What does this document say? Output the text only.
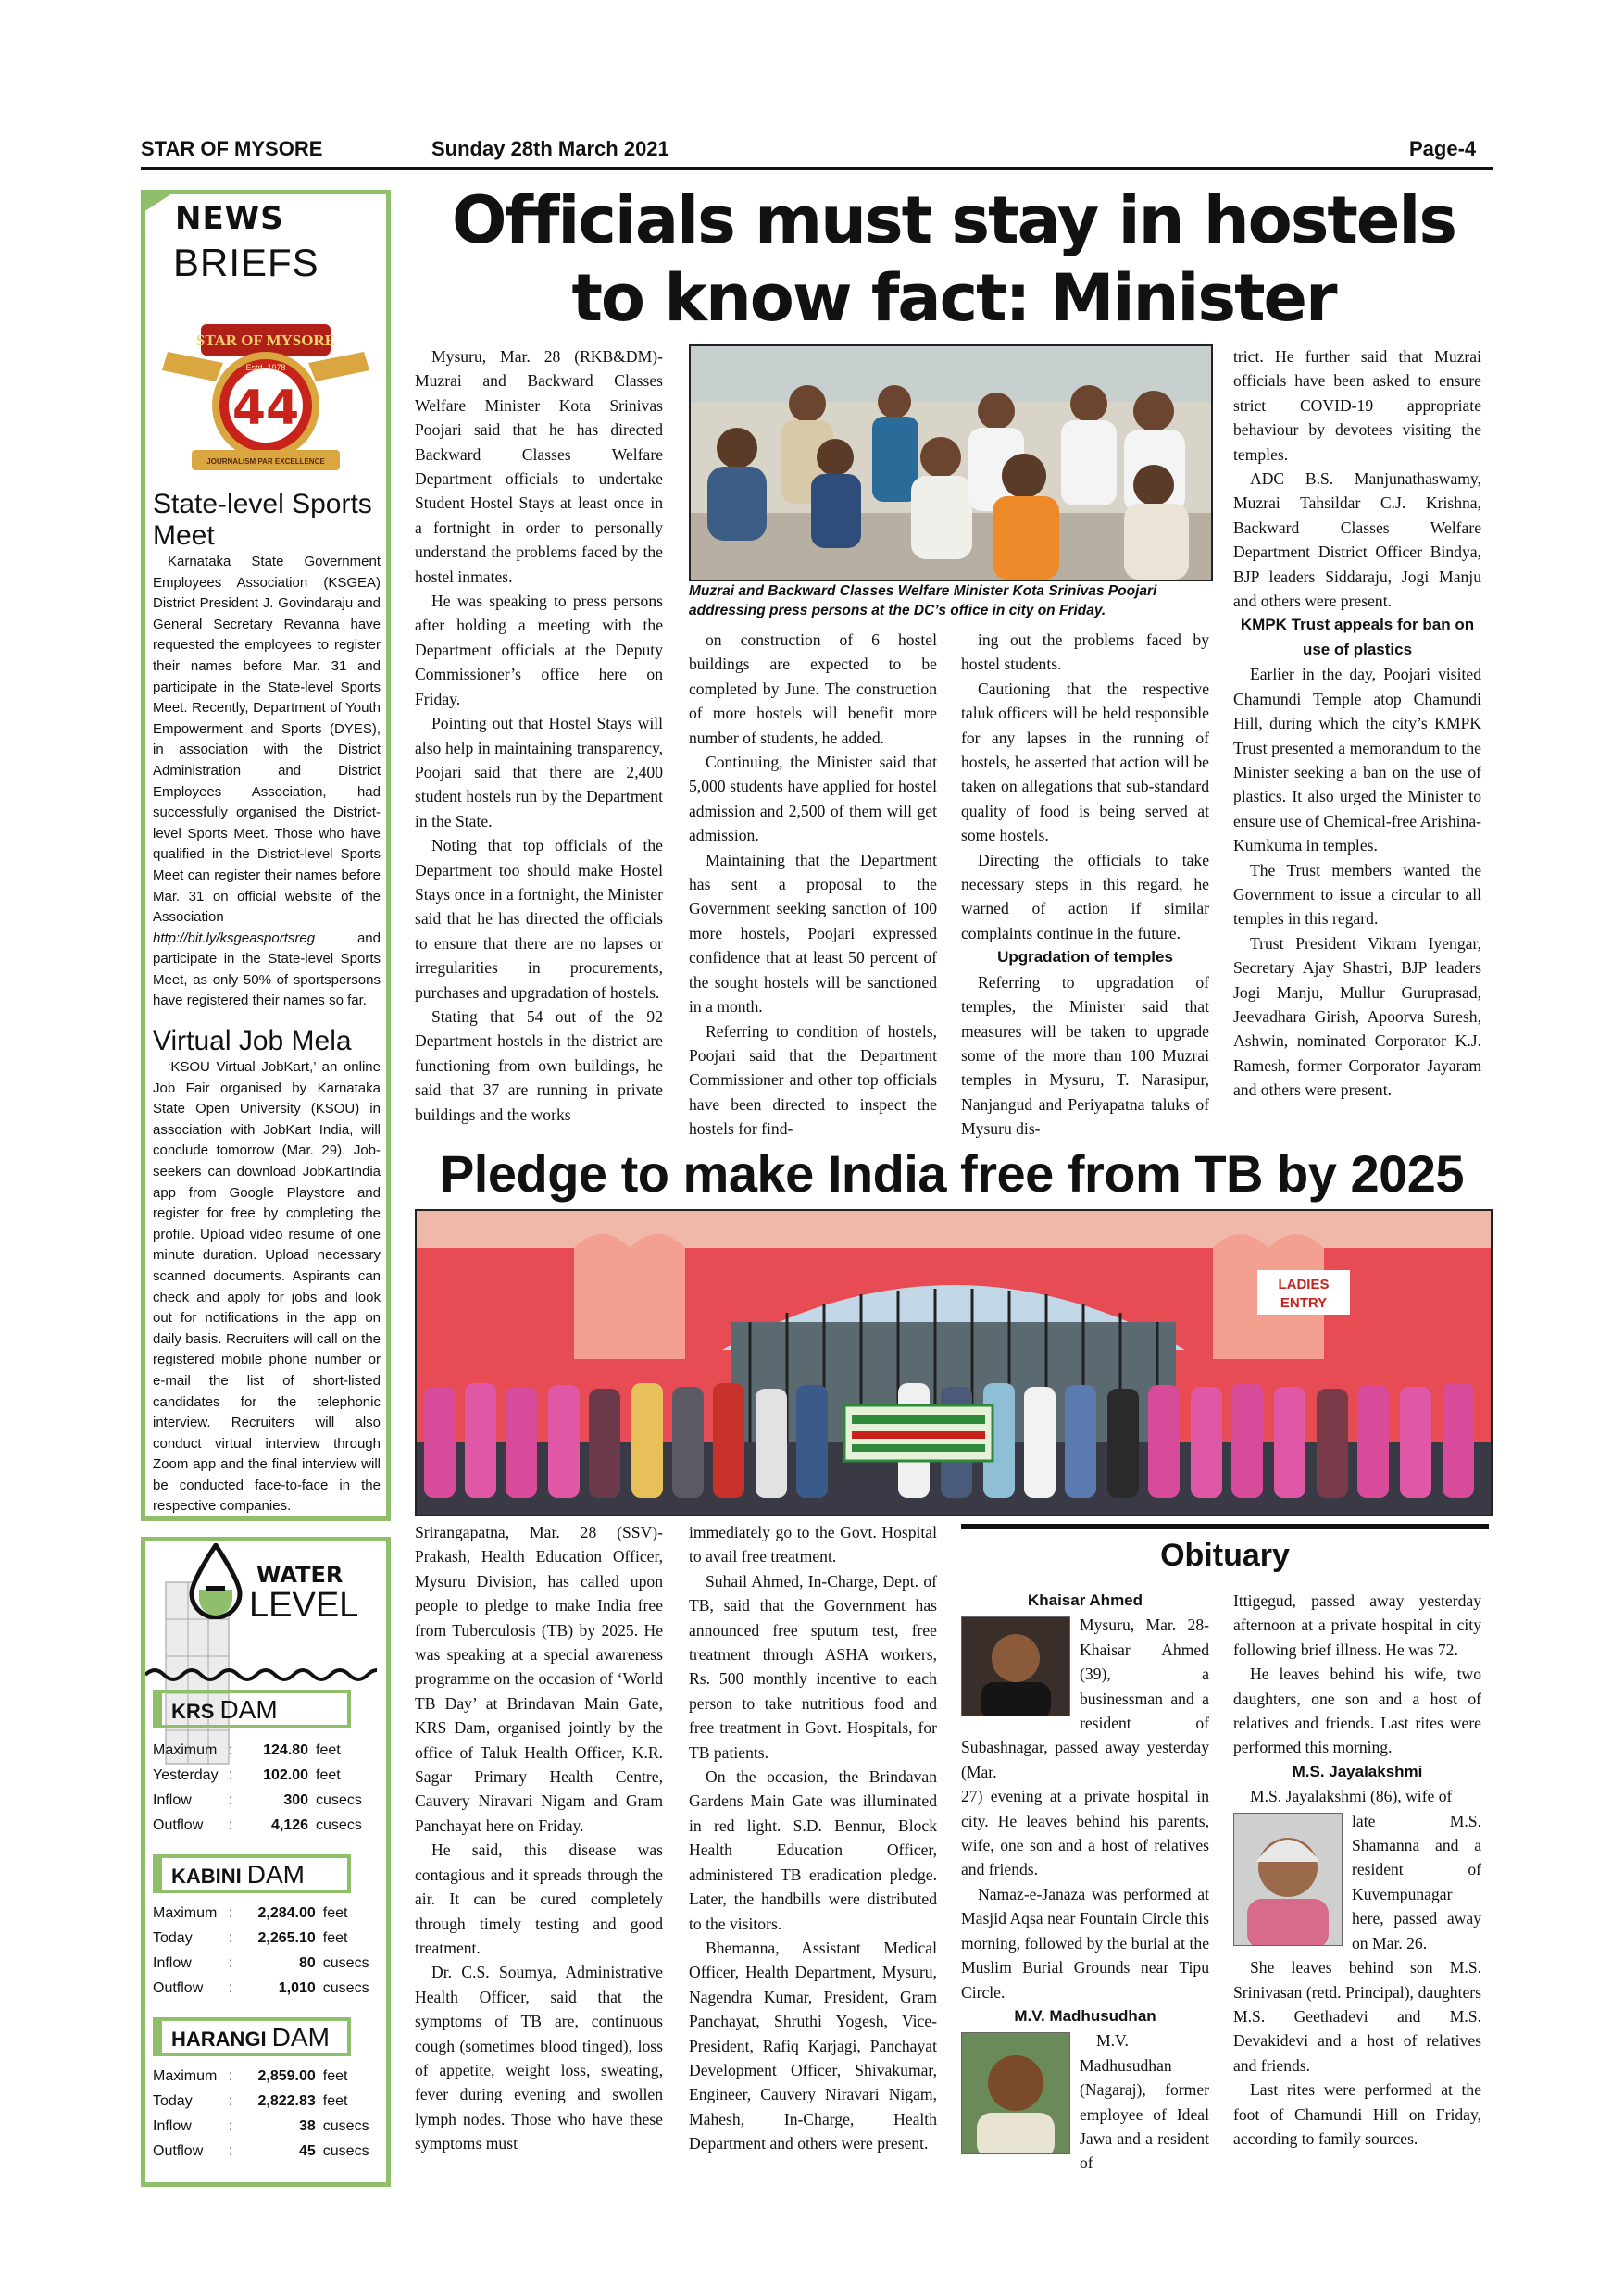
STAR OF MYSORE	Sunday 28th March 2021	Page-4
NEWS
BRIEFS
STAR OF MYSORE
Estd. 1978
44
JOURNALISM PAR EXCELLENCE
State-level Sports Meet

Karnataka State Government Employees Association (KSGEA) District President J. Govindaraju and General Secretary Revanna have requested the employees to register their names before Mar. 31 and participate in the State-level Sports Meet. Recently, Department of Youth Empowerment and Sports (DYES), in association with the District Administration and District Employees Association, had successfully organised the District-level Sports Meet. Those who have qualified in the District-level Sports Meet can register their names before Mar. 31 on official website of the Association http://bit.ly/ksgeasportsreg	and participate in the State-level Sports Meet, as only 50% of sportspersons have registered their names so far.

Virtual Job Mela

‘KSOU Virtual JobKart,’ an online Job Fair organised by Karnataka State Open University (KSOU) in association with JobKart India, will conclude tomorrow (Mar. 29). Job-seekers can download JobKartIndia app from Google Playstore and register for free by completing the profile. Upload video resume of one minute duration. Upload necessary scanned documents. Aspirants can check and apply for jobs and look out for notifications in the app on daily basis. Recruiters will call on the registered mobile phone number or e-mail the list of short-listed candidates for the telephonic interview. Recruiters will also conduct virtual interview through Zoom app and the final interview will be conducted face-to-face in the respective companies.

WATER
LEVEL
KRS DAM
Maximum	:	124.80	feet
Yesterday	:	102.00	feet
Inflow	:	300	cusecs
Outflow	:	4,126	cusecs
KABINI DAM
Maximum	:	2,284.00	feet
Today	:	2,265.10	feet
Inflow	:	80	cusecs
Outflow	:	1,010	cusecs
HARANGI DAM
Maximum	:	2,859.00	feet
Today	:	2,822.83	feet
Inflow	:	38	cusecs
Outflow	:	45	cusecs
Officials must stay in hostels
to know fact: Minister

Mysuru, Mar. 28 (RKB&DM)- Muzrai and Backward Classes Welfare Minister Kota Srinivas Poojari said that he has directed Backward Classes Welfare Department officials to undertake Student Hostel Stays at least once in a fortnight in order to personally understand the problems faced by the hostel inmates.

He was speaking to press persons after holding a meeting with the Department officials at the Deputy Commissioner’s office here on Friday.

Pointing out that Hostel Stays will also help in maintaining transparency, Poojari said that there are 2,400 student hostels run by the Department in the State.

Noting that top officials of the Department too should make Hostel Stays once in a fortnight, the Minister said that he has directed the officials to ensure that there are no lapses or irregularities in procurements, purchases and upgradation of hostels.

Stating that 54 out of the 92 Department hostels in the district are functioning from own buildings, he said that 37 are running in private buildings and the works

Muzrai and Backward Classes Welfare Minister Kota Srinivas Poojari addressing press persons at the DC’s office in city on Friday.

on construction of 6 hostel buildings are expected to be completed by June. The construction of more hostels will benefit more number of students, he added.

Continuing, the Minister said that 5,000 students have applied for hostel admission and 2,500 of them will get admission.

Maintaining that the Department has sent a proposal to the Government seeking sanction of 100 more hostels, Poojari expressed confidence that at least 50 percent of the sought hostels will be sanctioned in a month.

Referring to condition of hostels, Poojari said that the Department Commissioner and other top officials have been directed to inspect the hostels for find-

ing out the problems faced by hostel students.

Cautioning that the respective taluk officers will be held responsible for any lapses in the running of hostels, he asserted that action will be taken on allegations that sub-standard quality of food is being served at some hostels.

Directing the officials to take necessary steps in this regard, he warned of action if similar complaints continue in the future.

Upgradation of temples

Referring to upgradation of temples, the Minister said that measures will be taken to upgrade some of the more than 100 Muzrai temples in Mysuru, T. Narasipur, Nanjangud and Periyapatna taluks of Mysuru dis-

trict. He further said that Muzrai officials have been asked to ensure strict COVID-19 appropriate behaviour by devotees visiting the temples.

ADC B.S. Manjunathaswamy, Muzrai Tahsildar C.J. Krishna, Backward Classes Welfare Department District Officer Bindya, BJP leaders Siddaraju, Jogi Manju and others were present.

KMPK Trust appeals for ban on use of plastics

Earlier in the day, Poojari visited Chamundi Temple atop Chamundi Hill, during which the city’s KMPK Trust presented a memorandum to the Minister seeking a ban on the use of plastics. It also urged the Minister to ensure use of Chemical-free Arishina-Kumkuma in temples.

The Trust members wanted the Government to issue a circular to all temples in this regard.

Trust President Vikram Iyengar, Secretary Ajay Shastri, BJP leaders Jogi Manju, Mullur Guruprasad, Jeevadhara Girish, Apoorva Suresh, Ashwin, nominated Corporator K.J. Ramesh, former Corporator Jayaram and others were present.

Pledge to make India free from TB by 2025
LADIES
ENTRY

Srirangapatna, Mar. 28 (SSV)- Prakash, Health Education Officer, Mysuru Division, has called upon people to pledge to make India free from Tuberculosis (TB) by 2025. He was speaking at a special awareness programme on the occasion of ‘World TB Day’ at Brindavan Main Gate, KRS Dam, organised jointly by the office of Taluk Health Officer, K.R. Sagar Primary Health Centre, Cauvery Niravari Nigam and Gram Panchayat here on Friday.

He said, this disease was contagious and it spreads through the air. It can be cured completely through timely testing and good treatment.

Dr. C.S. Soumya, Administrative Health Officer, said that the symptoms of TB are, continuous cough (sometimes blood tinged), loss of appetite, weight loss, sweating, fever during evening and swollen lymph nodes. Those who have these symptoms must

immediately go to the Govt. Hospital to avail free treatment.

Suhail Ahmed, In-Charge, Dept. of TB, said that the Government has announced free sputum test, free treatment through ASHA workers, Rs. 500 monthly incentive to each person to take nutritious food and free treatment in Govt. Hospitals, for TB patients.

On the occasion, the Brindavan Gardens Main Gate was illuminated in red light. S.D. Bennur, Block Health Education Officer, administered TB eradication pledge. Later, the handbills were distributed to the visitors.

Bhemanna, Assistant Medical Officer, Health Department, Mysuru, Nagendra Kumar, President, Gram Panchayat, Shruthi Yogesh, Vice-President, Rafiq Karjagi, Panchayat Development Officer, Shivakumar, Engineer, Cauvery Niravari Nigam, Mahesh, In-Charge, Health Department and others were present.

Obituary

Khaisar Ahmed

Mysuru, Mar. 28- Khaisar Ahmed (39), a businessman and a resident of Subashnagar, passed away yesterday (Mar.

27) evening at a private hospital in city. He leaves behind his parents, wife, one son and a host of relatives and friends.

Namaz-e-Janaza was performed at Masjid Aqsa near Fountain Circle this morning, followed by the burial at the Muslim Burial Grounds near Tipu Circle.

M.V. Madhusudhan

M.V. Madhusudhan (Nagaraj), former employee of Ideal Jawa and a resident of

Ittigegud, passed away yesterday afternoon at a private hospital in city following brief illness. He was 72.

He leaves behind his wife, two daughters, one son and a host of relatives and friends. Last rites were performed this morning.

M.S. Jayalakshmi

M.S. Jayalakshmi (86), wife of

late M.S. Shamanna and a resident of Kuvempunagar here, passed away on Mar. 26.

She leaves behind son M.S. Srinivasan (retd. Principal), daughters M.S. Geethadevi and M.S. Devakidevi and a host of relatives and friends.

Last rites were performed at the foot of Chamundi Hill on Friday, according to family sources.
